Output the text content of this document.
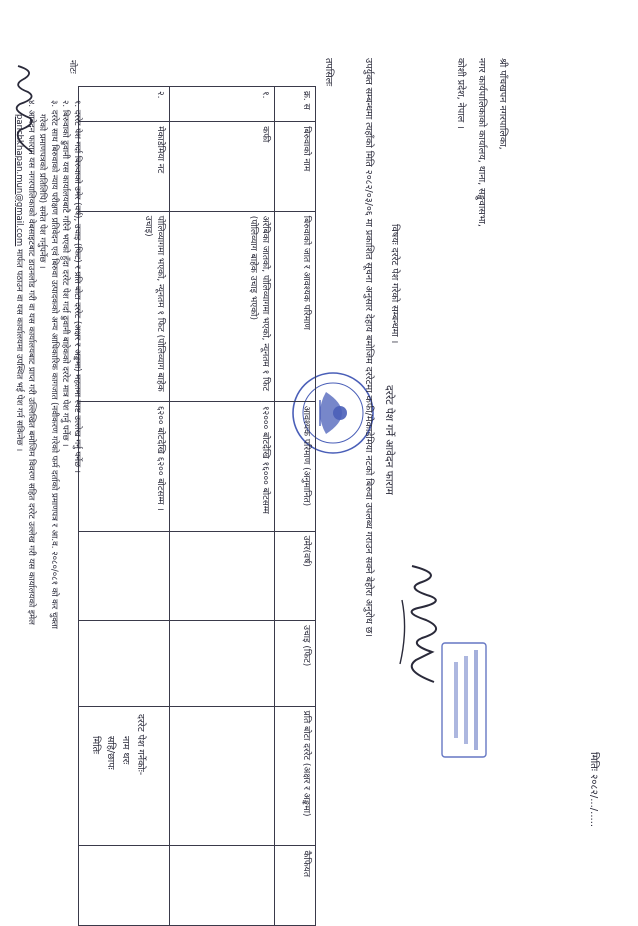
मितिः २०८२/.../.....
दररेट पेश गर्ने आवेदन फाराम
श्री पाँचखपन नगरपालिका,
नगर कार्यपालिकाको कार्यालय, थाना, सङ्खुवासभा,
कोशी प्रदेश, नेपाल ।
विषयः दररेट पेश गरेको सम्बन्धमा ।
उपर्युक्त सम्बन्धमा त्यहाँको मिति २०८२/०३/०६ मा प्रकाशित सूचना अनुसार देहाय बमोजिम दररेटमा कफी/मेकाडेमिया नटको बिरुवा उपलब्ध गराउन सक्ने बेहोरा अनुरोध छ।
तपसिलः
क्र. स	बिरुवाको नाम	बिरुवाको जात र आवश्यक परिमाण	आवश्यक परिमाण (अनुमानित)	उमेर(वर्ष)	उचाइ (फिट)	प्रति बोटा दररेट (अक्षर र अङ्कमा)	कैफियत
१.	कफी	अरेबिका जातको, पोलिव्यागमा भएको, न्यूनतम १ फिट (पोलिव्याग बाहेक उचाइ भएको)	१२००० बोटदेखि १६००० बोटसम्म				
२.	मेकाडेमिया नट	पोलिव्यागमा भएको, न्यूनतम १ फिट (पोलिव्याग बाहेक उचाइ)	६२०० बोटदेखि ६२०० बोटसम्म ।				
नोटः
१. दररेट पेश गर्दा बिरुवाको उमेर (वर्ष), उचाइ (फिट) र प्रति बोटा दररेट (अक्षर र अङ्कमा) महलमा स्पष्ट उल्लेख गर्नु पर्नेछ ।
२. बिरुवाको ढुवानी यस कार्यालयबाटै गरिने भएको हुँदा दररेट पेश गर्दा ढुवानी बाहेकको दररेट मात्र पेश गर्नु पर्नेछ ।
३. दररेट साथ बिरुवाको न्याय परीक्षण प्रतिवेदन एवं बिरुवा उत्पादकको अन्य आधिकारिक कागजात (नवीकरण गरेको फर्म दर्ताको प्रमाणपत्र र आ.व. २०८०/०८१ को कर चुक्ता
गरेको प्रमाणपत्रको प्रतिलिपि) समेत पेश गर्नुपर्नेछ ।
४. आवेदन फाराम यस नगरपालिकाको वेबसाइटबाट डाउनलोड गरी वा यस कार्यालयबाट प्राप्त गरी उल्लिखित बमोजिम विवरण सहित दररेट उल्लेख गरी यस कार्यालयको इमेल
panchkhapan.mun@gmail.com मार्फत पठाउन वा यस कार्यालयमा उपस्थित भई पेश गर्न सकिनेछ ।
दररेट पेश गर्नेकोः-
नाम थरः
सहि/छापः
मितिः
